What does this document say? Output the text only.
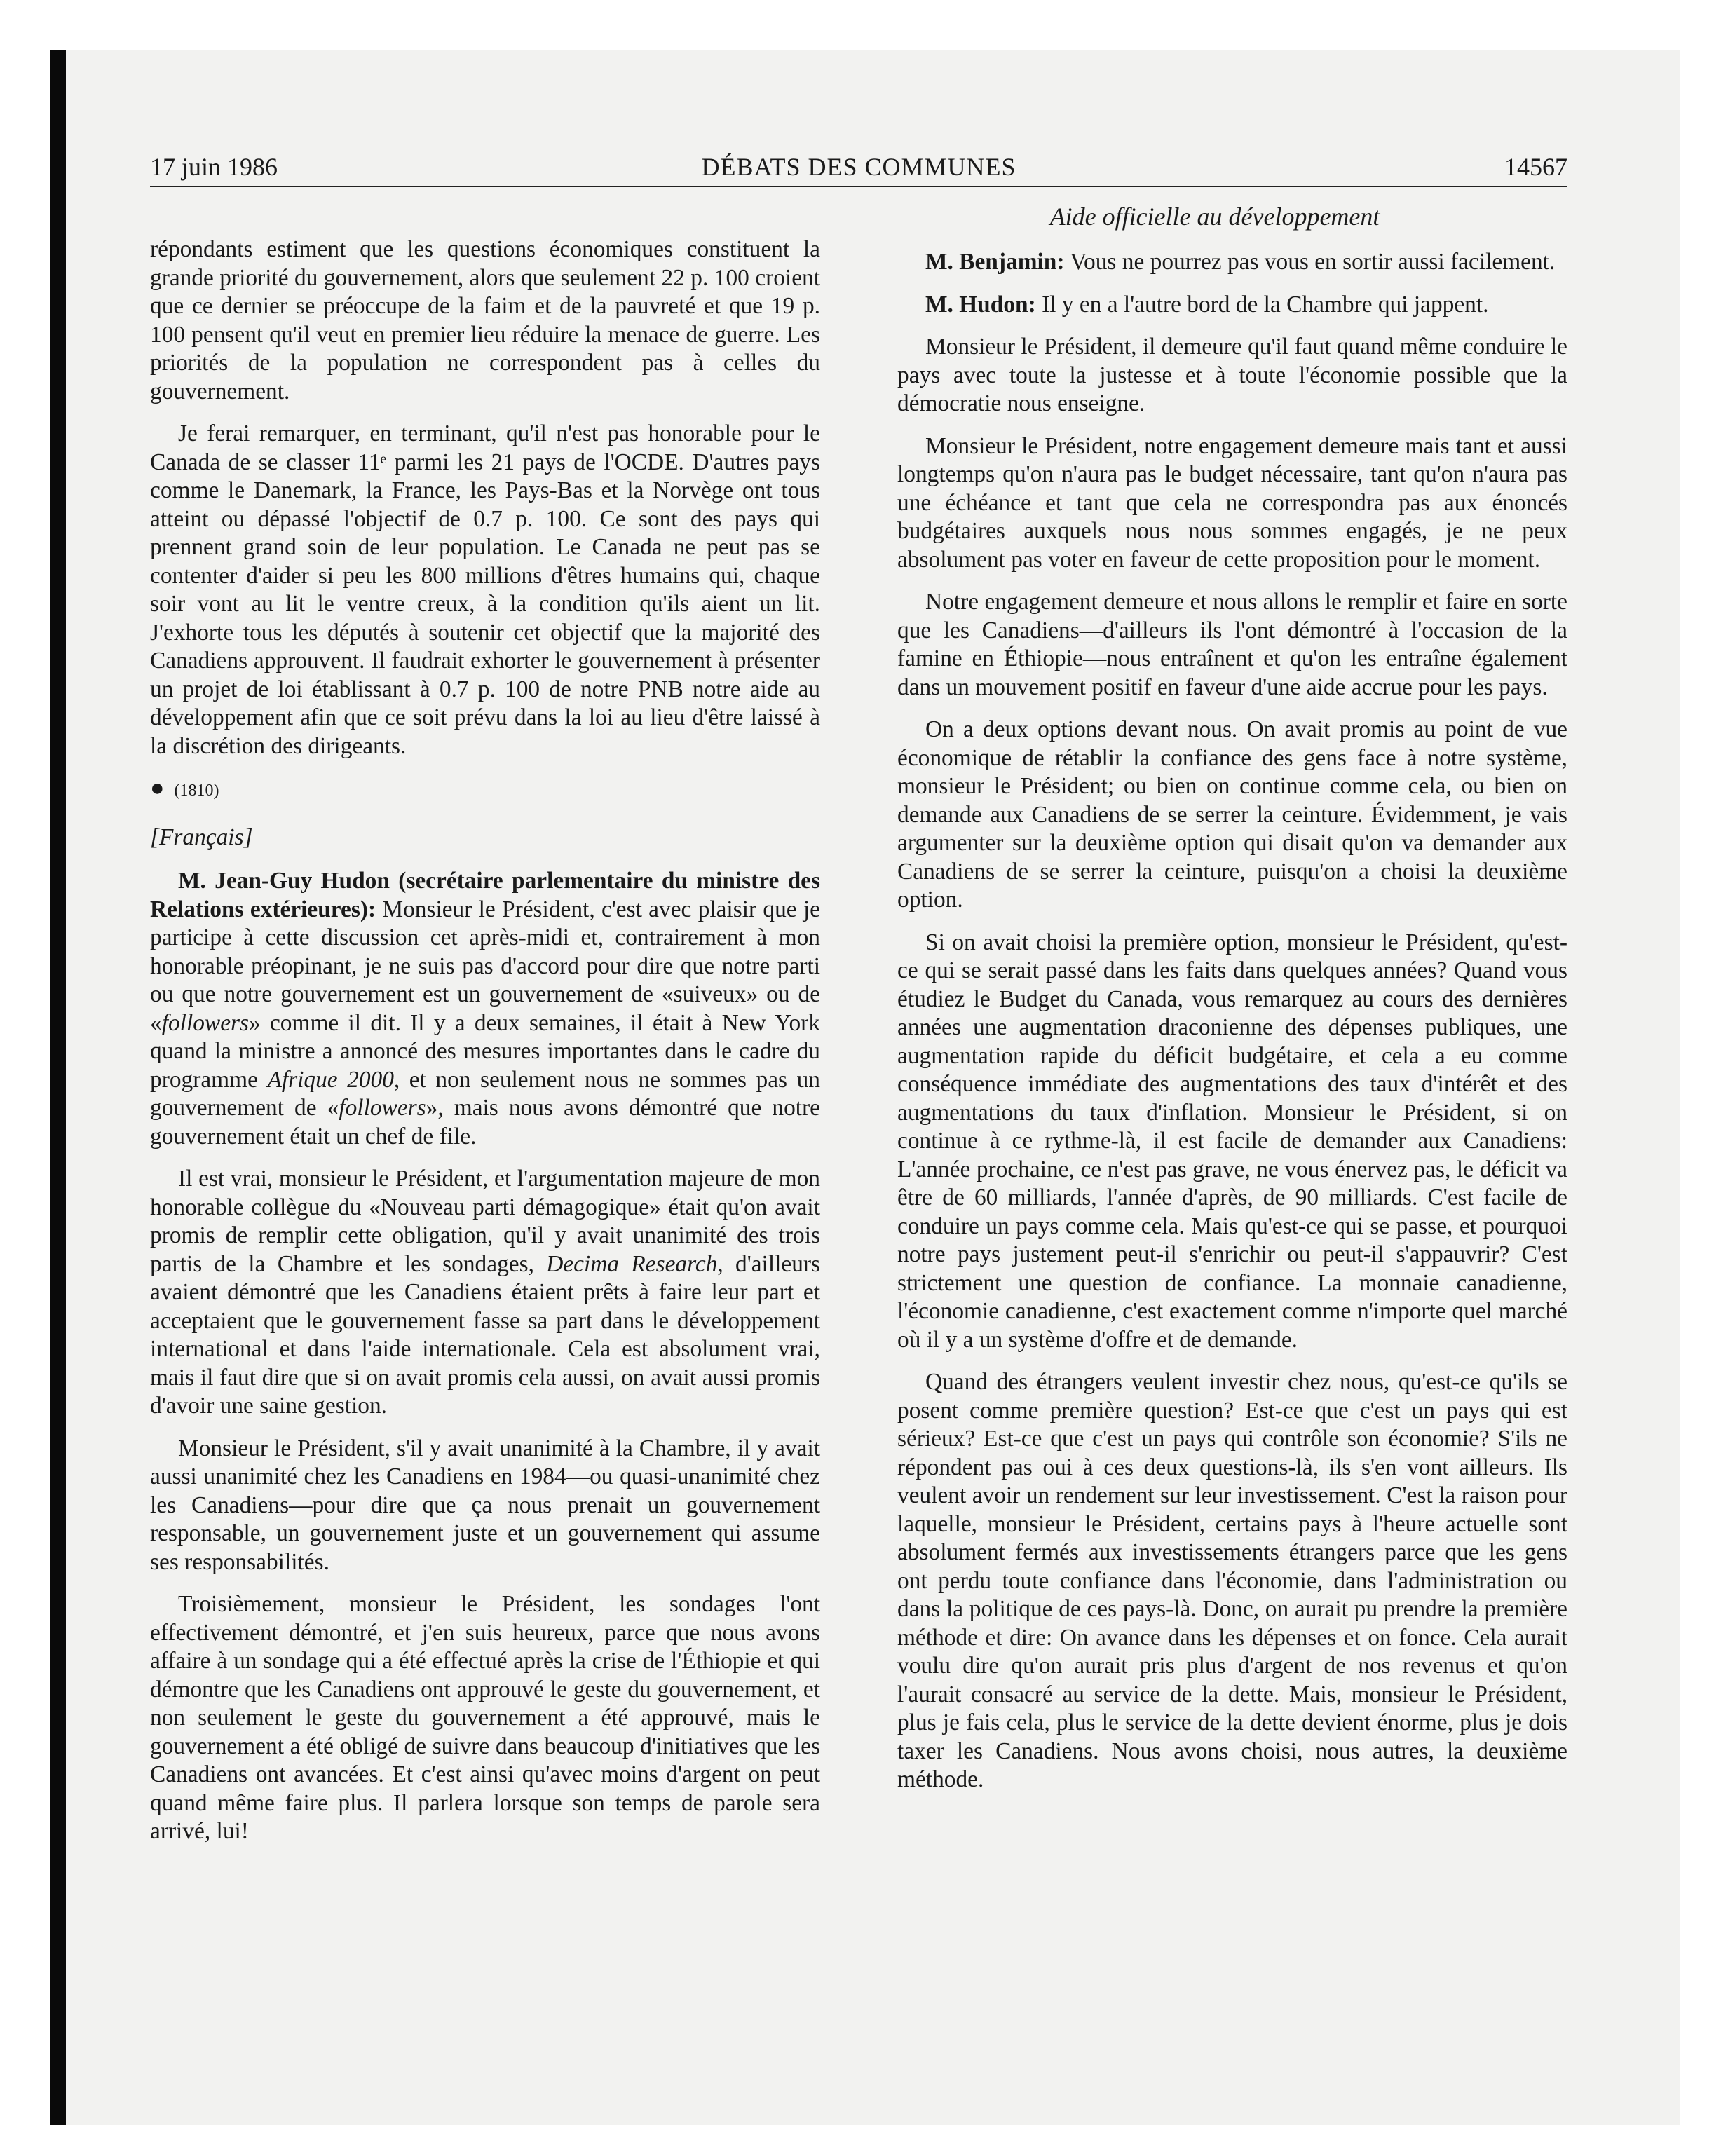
17 juin 1986	DÉBATS DES COMMUNES	14567
Aide officielle au développement

répondants estiment que les questions économiques constituent la grande priorité du gouvernement, alors que seulement 22 p. 100 croient que ce dernier se préoccupe de la faim et de la pauvreté et que 19 p. 100 pensent qu'il veut en premier lieu réduire la menace de guerre. Les priorités de la population ne correspondent pas à celles du gouvernement.

Je ferai remarquer, en terminant, qu'il n'est pas honorable pour le Canada de se classer 11ᵉ parmi les 21 pays de l'OCDE. D'autres pays comme le Danemark, la France, les Pays-Bas et la Norvège ont tous atteint ou dépassé l'objectif de 0.7 p. 100. Ce sont des pays qui prennent grand soin de leur population. Le Canada ne peut pas se contenter d'aider si peu les 800 millions d'êtres humains qui, chaque soir vont au lit le ventre creux, à la condition qu'ils aient un lit. J'exhorte tous les députés à soutenir cet objectif que la majorité des Canadiens approuvent. Il faudrait exhorter le gouvernement à présenter un projet de loi établissant à 0.7 p. 100 de notre PNB notre aide au développement afin que ce soit prévu dans la loi au lieu d'être laissé à la discrétion des dirigeants.

● (1810)
[Français]

M. Jean-Guy Hudon (secrétaire parlementaire du ministre des Relations extérieures): Monsieur le Président, c'est avec plaisir que je participe à cette discussion cet après-midi et, contrairement à mon honorable préopinant, je ne suis pas d'accord pour dire que notre parti ou que notre gouvernement est un gouvernement de «suiveux» ou de «followers» comme il dit. Il y a deux semaines, il était à New York quand la ministre a annoncé des mesures importantes dans le cadre du programme Afrique 2000, et non seulement nous ne sommes pas un gouvernement de «followers», mais nous avons démontré que notre gouvernement était un chef de file.

Il est vrai, monsieur le Président, et l'argumentation majeure de mon honorable collègue du «Nouveau parti démagogique» était qu'on avait promis de remplir cette obligation, qu'il y avait unanimité des trois partis de la Chambre et les sondages, Decima Research, d'ailleurs avaient démontré que les Canadiens étaient prêts à faire leur part et acceptaient que le gouvernement fasse sa part dans le développement international et dans l'aide internationale. Cela est absolument vrai, mais il faut dire que si on avait promis cela aussi, on avait aussi promis d'avoir une saine gestion.

Monsieur le Président, s'il y avait unanimité à la Chambre, il y avait aussi unanimité chez les Canadiens en 1984—ou quasi-unanimité chez les Canadiens—pour dire que ça nous prenait un gouvernement responsable, un gouvernement juste et un gouvernement qui assume ses responsabilités.

Troisièmement, monsieur le Président, les sondages l'ont effectivement démontré, et j'en suis heureux, parce que nous avons affaire à un sondage qui a été effectué après la crise de l'Éthiopie et qui démontre que les Canadiens ont approuvé le geste du gouvernement, et non seulement le geste du gouvernement a été approuvé, mais le gouvernement a été obligé de suivre dans beaucoup d'initiatives que les Canadiens ont avancées. Et c'est ainsi qu'avec moins d'argent on peut quand même faire plus. Il parlera lorsque son temps de parole sera arrivé, lui!

M. Benjamin: Vous ne pourrez pas vous en sortir aussi facilement.

M. Hudon: Il y en a l'autre bord de la Chambre qui jappent.

Monsieur le Président, il demeure qu'il faut quand même conduire le pays avec toute la justesse et à toute l'économie possible que la démocratie nous enseigne.

Monsieur le Président, notre engagement demeure mais tant et aussi longtemps qu'on n'aura pas le budget nécessaire, tant qu'on n'aura pas une échéance et tant que cela ne correspondra pas aux énoncés budgétaires auxquels nous nous sommes engagés, je ne peux absolument pas voter en faveur de cette proposition pour le moment.

Notre engagement demeure et nous allons le remplir et faire en sorte que les Canadiens—d'ailleurs ils l'ont démontré à l'occasion de la famine en Éthiopie—nous entraînent et qu'on les entraîne également dans un mouvement positif en faveur d'une aide accrue pour les pays.

On a deux options devant nous. On avait promis au point de vue économique de rétablir la confiance des gens face à notre système, monsieur le Président; ou bien on continue comme cela, ou bien on demande aux Canadiens de se serrer la ceinture. Évidemment, je vais argumenter sur la deuxième option qui disait qu'on va demander aux Canadiens de se serrer la ceinture, puisqu'on a choisi la deuxième option.

Si on avait choisi la première option, monsieur le Président, qu'est-ce qui se serait passé dans les faits dans quelques années? Quand vous étudiez le Budget du Canada, vous remarquez au cours des dernières années une augmentation draconienne des dépenses publiques, une augmentation rapide du déficit budgétaire, et cela a eu comme conséquence immédiate des augmentations des taux d'intérêt et des augmentations du taux d'inflation. Monsieur le Président, si on continue à ce rythme-là, il est facile de demander aux Canadiens: L'année prochaine, ce n'est pas grave, ne vous énervez pas, le déficit va être de 60 milliards, l'année d'après, de 90 milliards. C'est facile de conduire un pays comme cela. Mais qu'est-ce qui se passe, et pourquoi notre pays justement peut-il s'enrichir ou peut-il s'appauvrir? C'est strictement une question de confiance. La monnaie canadienne, l'économie canadienne, c'est exactement comme n'importe quel marché où il y a un système d'offre et de demande.

Quand des étrangers veulent investir chez nous, qu'est-ce qu'ils se posent comme première question? Est-ce que c'est un pays qui est sérieux? Est-ce que c'est un pays qui contrôle son économie? S'ils ne répondent pas oui à ces deux questions-là, ils s'en vont ailleurs. Ils veulent avoir un rendement sur leur investissement. C'est la raison pour laquelle, monsieur le Président, certains pays à l'heure actuelle sont absolument fermés aux investissements étrangers parce que les gens ont perdu toute confiance dans l'économie, dans l'administration ou dans la politique de ces pays-là. Donc, on aurait pu prendre la première méthode et dire: On avance dans les dépenses et on fonce. Cela aurait voulu dire qu'on aurait pris plus d'argent de nos revenus et qu'on l'aurait consacré au service de la dette. Mais, monsieur le Président, plus je fais cela, plus le service de la dette devient énorme, plus je dois taxer les Canadiens. Nous avons choisi, nous autres, la deuxième méthode.
